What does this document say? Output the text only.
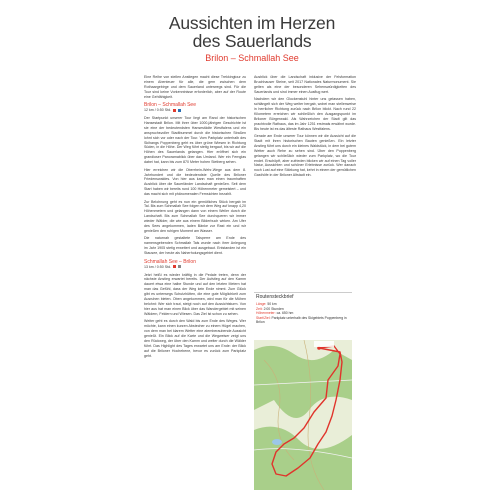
Aussichten im Herzen
des Sauerlands
Brilon – Schmallah See

Eine Reihe von stellen Anstiegen macht diese Trekkingtour zu einem Abenteuer für alle, die gern zwischen dem Rothaargebirge und dem Sauerland unterwegs sind. Für die Tour sind keine Vorkenntnisse erforderlich, aber auf der Route eine Gehfähigkeit.

Brilon – Schmallah See
12 km / 0:50 Std.

Der Startpunkt unserer Tour liegt am Rand der historischen Hansestadt Brilon. Mit ihrer über 1000-jährigen Geschichte ist sie eine der bedeutendsten Hansestädte Westfalens und ein anspruchsvoller Stadtbummel durch die historischen Straßen lohnt sich vor oder nach der Tour. Vom Parkplatz unterhalb des Skihangs Poppenberg geht es über grüne Wiesen in Richtung Süden, in die Höhe. Der Weg führt stetig bergauf, bis wir auf die Höhen des Sauerlands gelangen. Hier eröffnet sich ein grandioser Panoramablick über das Umland. Wer ein Fernglas dabei hat, kann bis zum 870 Meter hohen Stetberg sehen.

Hier erreichen wir die Oberrhein-Wehr-Wege aus dem 8. Jahrhundert und die bedeutendste Quelle des Briloner Friedenswaldes. Von hier aus kann man einen traumhaften Ausblick über die Sauerländer Landschaft genießen. Seit dem Start haben wir bereits rund 100 Höhenmeter gemeistert – und das macht sich mit phänomenalen Fernsichten bezahlt.

Zur Belohnung geht es nun ein gemütliches Stück bergab im Tal. Bis zum Schmallah See folgen wir dem Weg auf knapp 4,20 Höhenmetern und gelangen dann von einem Weiler durch die Landschaft. Bis zum Schmallah See durchqueren wir immer wieder Wälder, die wie aus einem Bilderbuch wirken. Am Ufer des Sees angekommen, laden Bänke zur Rast ein und wir genießen den ruhigen Moment am Wasser.

Die naturnah gestaltete Talsperre am Ende des namensgebenden Schmallah Tals wurde nach ihrer Anlegung im Jahr 1905 stetig erweitert und ausgebaut. Entstanden ist ein Stausee, der heute als Naherholungsgebiet dient.

Schmallah See – Brilon
13 km / 0:50 Std.

Jetzt heißt es wieder kräftig in die Pedale treten, denn der nächste Anstieg erwartet bereits. Der Aufstieg auf den Kamm dauert etwa eine halbe Stunde und auf den letzten Metern hat man das Gefühl, dass der Weg kein Ende nimmt. Zum Glück gibt es unterwegs Schutzhütten, die eine gute Möglichkeit zum Ausruhen bieten. Oben angekommen, wird man für die Mühen belohnt: Wer sich traut, steigt noch auf den Aussichtsturm. Von hier aus hat man einen Blick über das Wandergebiet mit seinen Wäldern, Feldern und Wiesen. Das Ziel ist schon zu sehen.

Weiter geht es durch den Wald bis zum Ende des Weges. Wer möchte, kann einen kurzen Abstecher zu einem Hügel machen, von dem man bei klarem Wetter eine atemberaubende Aussicht genießt. Ein Blick auf die Karte und die Wegweiser zeigt uns den Rückweg, der über den Kamm und weiter durch die Wälder führt. Das Highlight des Tages erwartet uns am Ende: der Blick auf die Briloner Hochebene, bevor es zurück zum Parkplatz geht.

Ausblick über die Landschaft inklusive der Felsformation Bruchhauser Steine, seit 2017 Nationales Naturmonument. Sie gelten als eine der besonderen Sehenswürdigkeiten des Sauerlands und sind immer einen Ausflug wert.

Nachdem wir den Glockenstuhl hinter uns gelassen haben, schlängelt sich der Weg weiter bergab, wobei man stellenweise in herrlicher Richtung zurück nach Brilon blickt. Nach rund 22 Kilometern erreichen wir schließlich den Ausgangspunkt im Briloner Bürgerwald. Als Wahrzeichen der Stadt gilt das prachtvolle Rathaus, das im Jahr 1251 erstmals erwähnt wurde. Bis heute ist es das älteste Rathaus Westfalens.

Gerade am Ende unserer Tour können wir die Aussicht auf die Stadt mit ihren historischen Bauten genießen. Ein letzter Anstieg führt uns durch ein kleines Waldstück, in dem bei gutem Wetter auch Rehe zu sehen sind. Über den Poppenberg gelangen wir schließlich wieder zum Parkplatz, wo die Tour endet. Erschöpft, aber zufrieden blicken wir auf einen Tag voller Natur, Aussichten und schöner Erlebnisse zurück. Wer danach noch Lust auf eine Stärkung hat, kehrt in einem der gemütlichen Gasthöfe in der Briloner Altstadt ein.

Routensteckbrief
Länge: 50 km
Zeit: 2:00 Stunden
Höhenmeter: ca. 650 hm
Start/Ziel: Parkplatz unterhalb des Skigebiets Poppenberg in Brilon
